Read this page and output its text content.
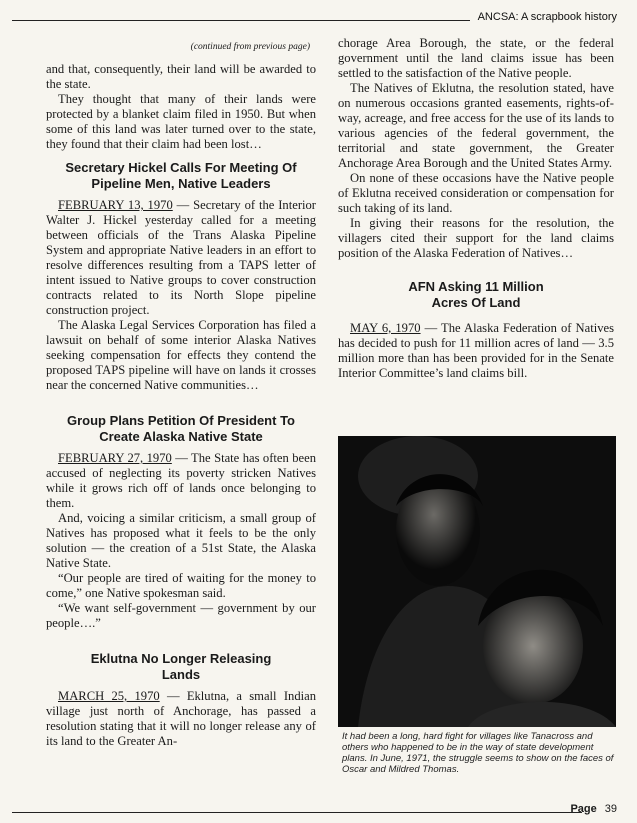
ANCSA: A scrapbook history
(continued from previous page)

and that, consequently, their land will be awarded to the state.

They thought that many of their lands were protected by a blanket claim filed in 1950. But when some of this land was later turned over to the state, they found that their claim had been lost…

Secretary Hickel Calls For Meeting Of Pipeline Men, Native Leaders

FEBRUARY 13, 1970 — Secretary of the Interior Walter J. Hickel yesterday called for a meeting between officials of the Trans Alaska Pipeline System and appropriate Native leaders in an effort to resolve differences resulting from a TAPS letter of intent issued to Native groups to cover construction contracts related to its North Slope pipeline construction project.

The Alaska Legal Services Corporation has filed a lawsuit on behalf of some interior Alaska Natives seeking compensation for effects they contend the proposed TAPS pipeline will have on lands it crosses near the concerned Native communities…

Group Plans Petition Of President To Create Alaska Native State

FEBRUARY 27, 1970 — The State has often been accused of neglecting its poverty stricken Natives while it grows rich off of lands once belonging to them.

And, voicing a similar criticism, a small group of Natives has proposed what it feels to be the only solution — the creation of a 51st State, the Alaska Native State.

“Our people are tired of waiting for the money to come,” one Native spokesman said.

“We want self-government — government by our people….”

Eklutna No Longer Releasing Lands

MARCH 25, 1970 — Eklutna, a small Indian village just north of Anchorage, has passed a resolution stating that it will no longer release any of its land to the Greater An-

chorage Area Borough, the state, or the federal government until the land claims issue has been settled to the satisfaction of the Native people.

The Natives of Eklutna, the resolution stated, have on numerous occasions granted easements, rights-of-way, acreage, and free access for the use of its lands to various agencies of the federal government, the territorial and state government, the Greater Anchorage Area Borough and the United States Army.

On none of these occasions have the Native people of Eklutna received consideration or compensation for such taking of its land.

In giving their reasons for the resolution, the villagers cited their support for the land claims position of the Alaska Federation of Natives…

AFN Asking 11 Million Acres Of Land

MAY 6, 1970 — The Alaska Federation of Natives has decided to push for 11 million acres of land — 3.5 million more than has been provided for in the Senate Interior Committee’s land claims bill.

It had been a long, hard fight for villages like Tanacross and others who happened to be in the way of state development plans. In June, 1971, the struggle seems to show on the faces of Oscar and Mildred Thomas.
Page 39
